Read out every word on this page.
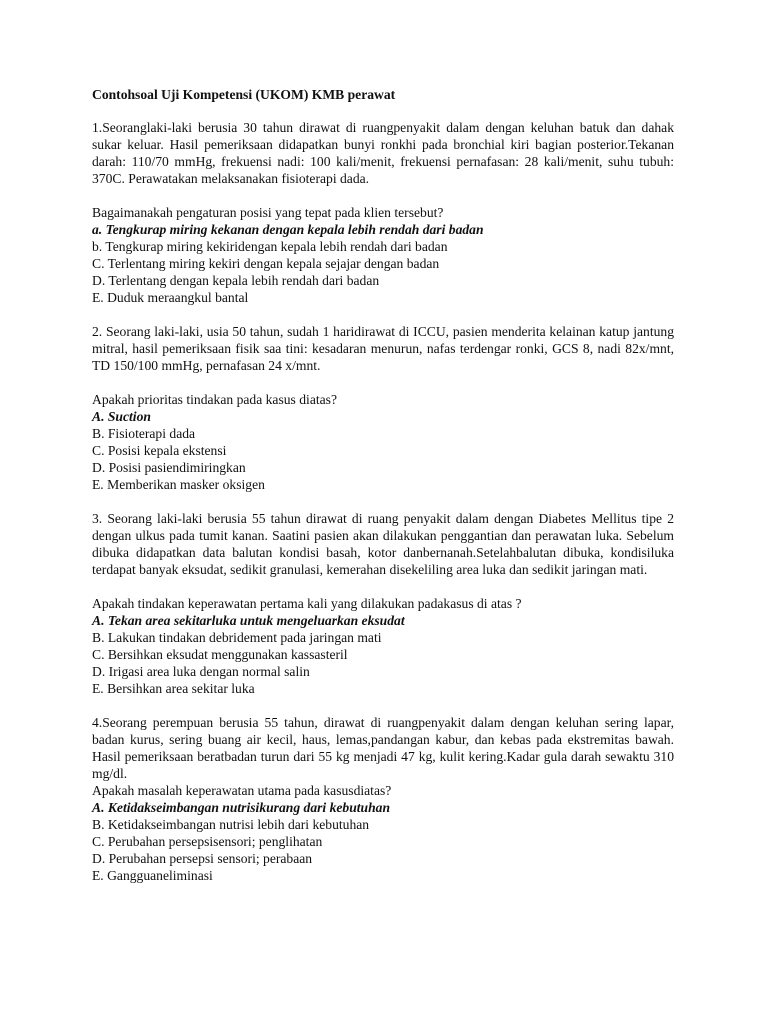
Contohsoal Uji Kompetensi (UKOM) KMB perawat

1.Seoranglaki-laki berusia 30 tahun dirawat di ruangpenyakit dalam dengan keluhan batuk dan dahak sukar keluar. Hasil pemeriksaan didapatkan bunyi ronkhi pada bronchial kiri bagian posterior.Tekanan darah: 110/70 mmHg, frekuensi nadi: 100 kali/menit, frekuensi pernafasan: 28 kali/menit, suhu tubuh: 370C. Perawatakan melaksanakan fisioterapi dada.

Bagaimanakah pengaturan posisi yang tepat pada klien tersebut?
a. Tengkurap miring kekanan dengan kepala lebih rendah dari badan
b. Tengkurap miring kekiridengan kepala lebih rendah dari badan
C. Terlentang miring kekiri dengan kepala sejajar dengan badan
D. Terlentang dengan kepala lebih rendah dari badan
E. Duduk meraangkul bantal

2. Seorang laki-laki, usia 50 tahun, sudah 1 haridirawat di ICCU, pasien menderita kelainan katup jantung mitral, hasil pemeriksaan fisik saa tini: kesadaran menurun, nafas terdengar ronki, GCS 8, nadi 82x/mnt, TD 150/100 mmHg, pernafasan 24 x/mnt.

Apakah prioritas tindakan pada kasus diatas?
A. Suction
B. Fisioterapi dada
C. Posisi kepala ekstensi
D. Posisi pasiendimiringkan
E. Memberikan masker oksigen

3. Seorang laki-laki berusia 55 tahun dirawat di ruang penyakit dalam dengan Diabetes Mellitus tipe 2 dengan ulkus pada tumit kanan. Saatini pasien akan dilakukan penggantian dan perawatan luka. Sebelum dibuka didapatkan data balutan kondisi basah, kotor danbernanah.Setelahbalutan dibuka, kondisiluka terdapat banyak eksudat, sedikit granulasi, kemerahan disekeliling area luka dan sedikit jaringan mati.

Apakah tindakan keperawatan pertama kali yang dilakukan padakasus di atas ?
A. Tekan area sekitarluka untuk mengeluarkan eksudat
B. Lakukan tindakan debridement pada jaringan mati
C. Bersihkan eksudat menggunakan kassasteril
D. Irigasi area luka dengan normal salin
E. Bersihkan area sekitar luka

4.Seorang perempuan berusia 55 tahun, dirawat di ruangpenyakit dalam dengan keluhan sering lapar, badan kurus, sering buang air kecil, haus, lemas,pandangan kabur, dan kebas pada ekstremitas bawah. Hasil pemeriksaan beratbadan turun dari 55 kg menjadi 47 kg, kulit kering.Kadar gula darah sewaktu 310 mg/dl.

Apakah masalah keperawatan utama pada kasusdiatas?
A. Ketidakseimbangan nutrisikurang dari kebutuhan
B. Ketidakseimbangan nutrisi lebih dari kebutuhan
C. Perubahan persepsisensori; penglihatan
D. Perubahan persepsi sensori; perabaan
E. Gangguaneliminasi
